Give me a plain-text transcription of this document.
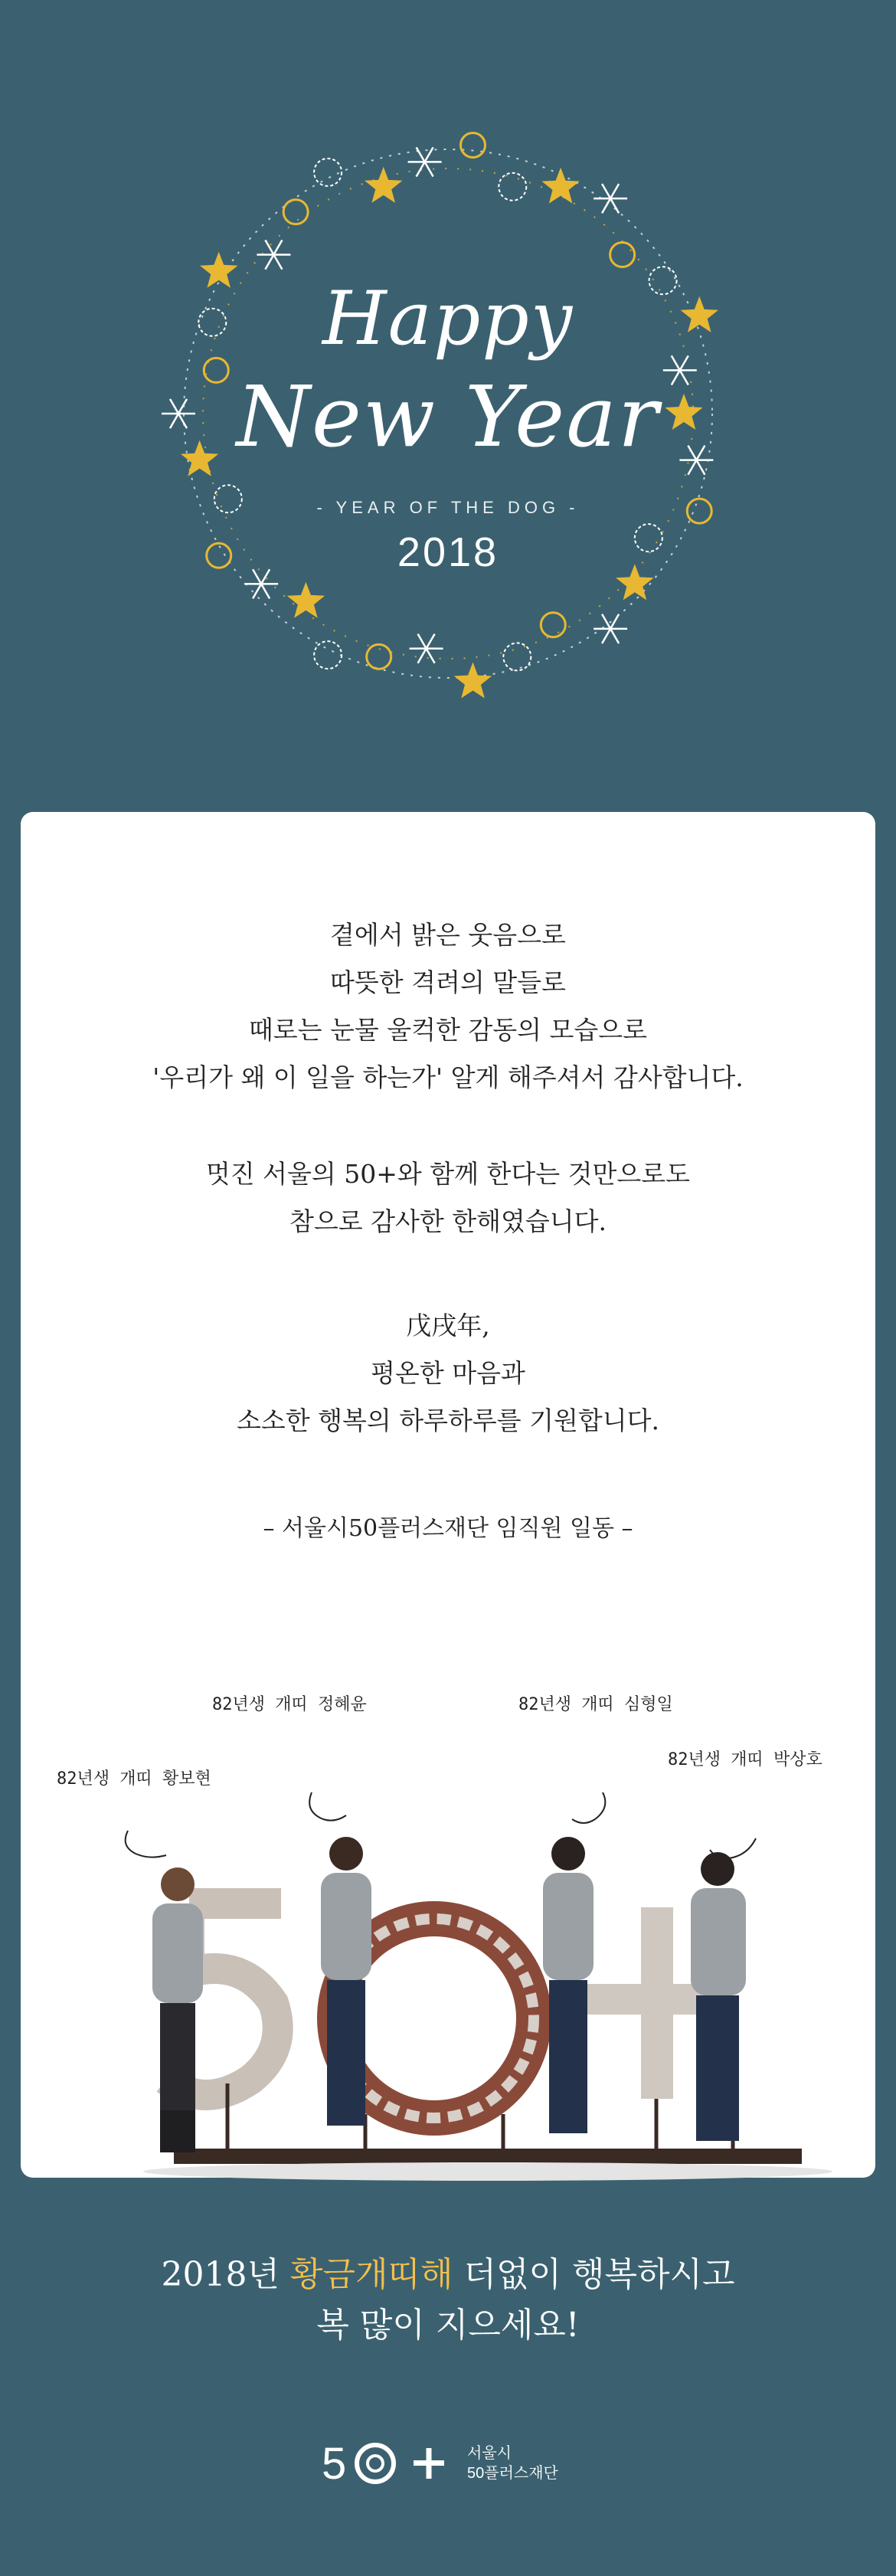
Happy
New Year
- YEAR OF THE DOG -
2018

곁에서 밝은 웃음으로

따뜻한 격려의 말들로

때로는 눈물 울컥한 감동의 모습으로

'우리가 왜 이 일을 하는가' 알게 해주셔서 감사합니다.

멋진 서울의 50+와 함께 한다는 것만으로도

참으로 감사한 한해였습니다.

戊戌年,

평온한 마음과

소소한 행복의 하루하루를 기원합니다.

– 서울시50플러스재단 임직원 일동 –
82년생 개띠 황보현
82년생 개띠 정혜윤	82년생 개띠 심형일
82년생 개띠 박상호
2018년 황금개띠해 더없이 행복하시고
복 많이 지으세요!
5	서울시
50플러스재단
